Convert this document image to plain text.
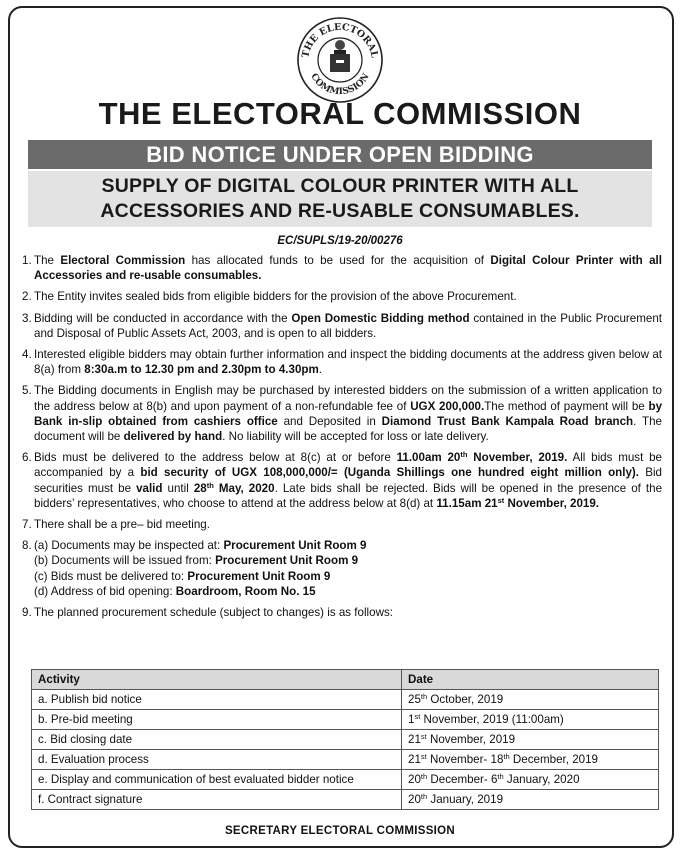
THE ELECTORAL
COMMISSION
THE ELECTORAL COMMISSION
BID NOTICE UNDER OPEN BIDDING
SUPPLY OF DIGITAL COLOUR PRINTER WITH ALL
ACCESSORIES AND RE-USABLE CONSUMABLES.
EC/SUPLS/19-20/00276
1. The Electoral Commission has allocated funds to be used for the acquisition of Digital Colour Printer with all Accessories and re-usable consumables.
2. The Entity invites sealed bids from eligible bidders for the provision of the above Procurement.
3. Bidding will be conducted in accordance with the Open Domestic Bidding method contained in the Public Procurement and Disposal of Public Assets Act, 2003, and is open to all bidders.
4. Interested eligible bidders may obtain further information and inspect the bidding documents at the address given below at 8(a) from 8:30a.m to 12.30 pm and 2.30pm to 4.30pm.
5. The Bidding documents in English may be purchased by interested bidders on the submission of a written application to the address below at 8(b) and upon payment of a non-refundable fee of UGX 200,000.The method of payment will be by Bank in-slip obtained from cashiers office and Deposited in Diamond Trust Bank Kampala Road branch. The document will be delivered by hand. No liability will be accepted for loss or late delivery.
6. Bids must be delivered to the address below at 8(c) at or before 11.00am 20th November, 2019. All bids must be accompanied by a bid security of UGX 108,000,000/= (Uganda Shillings one hundred eight million only). Bid securities must be valid until 28th May, 2020. Late bids shall be rejected. Bids will be opened in the presence of the bidders’ representatives, who choose to attend at the address below at 8(d) at 11.15am 21st November, 2019.
7. There shall be a pre– bid meeting.
8. (a) Documents may be inspected at: Procurement Unit Room 9
(b) Documents will be issued from: Procurement Unit Room 9
(c) Bids must be delivered to: Procurement Unit Room 9
(d) Address of bid opening: Boardroom, Room No. 15
9. The planned procurement schedule (subject to changes) is as follows:
Activity	Date
a. Publish bid notice	25th October, 2019
b. Pre-bid meeting	1st November, 2019 (11:00am)
c. Bid closing date	21st November, 2019
d. Evaluation process	21st November- 18th December, 2019
e. Display and communication of best evaluated bidder notice	20th December- 6th January, 2020
f. Contract signature	20th January, 2019
SECRETARY ELECTORAL COMMISSION
